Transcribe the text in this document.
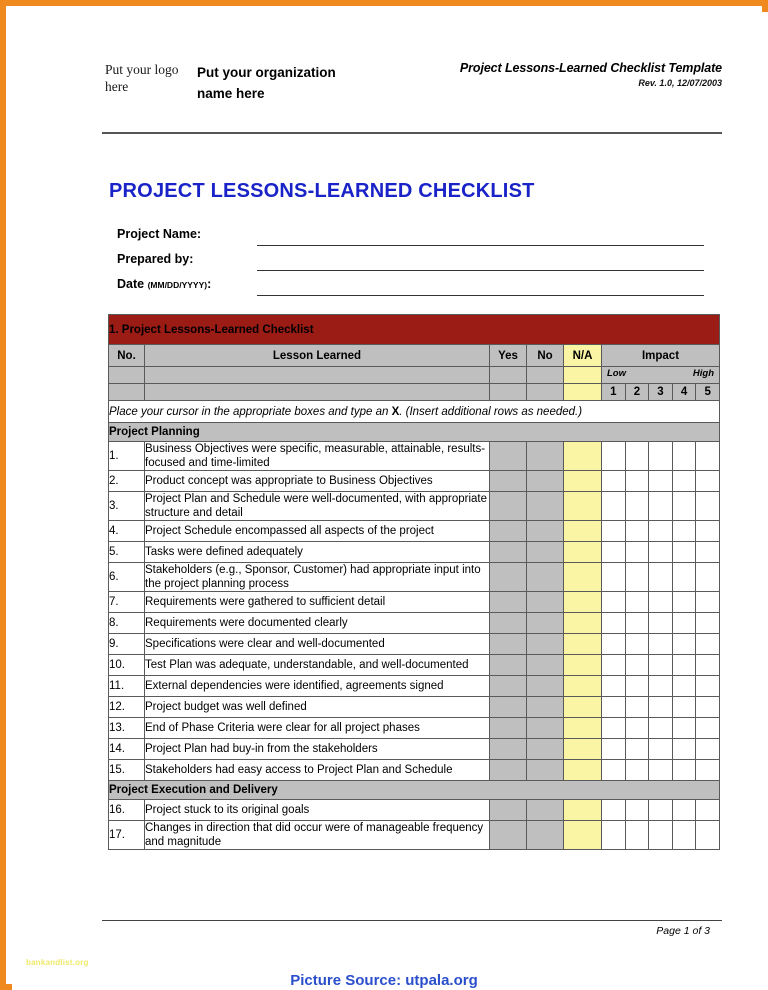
Put your logo here
Put your organization name here
Project Lessons-Learned Checklist Template
Rev. 1.0, 12/07/2003
PROJECT LESSONS-LEARNED CHECKLIST
Project Name:
Prepared by:
Date (MM/DD/YYYY):
1. Project Lessons-Learned Checklist									
No.	Lesson Learned	Yes	No	N/A	Impact				

					Low High				

					1	2	3	4	5
Place your cursor in the appropriate boxes and type an X. (Insert additional rows as needed.)									
Project Planning									
1.	Business Objectives were specific, measurable, attainable, results-focused and time-limited								
2.	Product concept was appropriate to Business Objectives								
3.	Project Plan and Schedule were well-documented, with appropriate structure and detail								
4.	Project Schedule encompassed all aspects of the project								
5.	Tasks were defined adequately								
6.	Stakeholders (e.g., Sponsor, Customer) had appropriate input into the project planning process								
7.	Requirements were gathered to sufficient detail								
8.	Requirements were documented clearly								
9.	Specifications were clear and well-documented								
10.	Test Plan was adequate, understandable, and well-documented								
11.	External dependencies were identified, agreements signed								
12.	Project budget was well defined								
13.	End of Phase Criteria were clear for all project phases								
14.	Project Plan had buy-in from the stakeholders								
15.	Stakeholders had easy access to Project Plan and Schedule								
Project Execution and Delivery									
16.	Project stuck to its original goals								
17.	Changes in direction that did occur were of manageable frequency and magnitude								
Page 1 of 3
bankandlist.org
Picture Source: utpala.org
